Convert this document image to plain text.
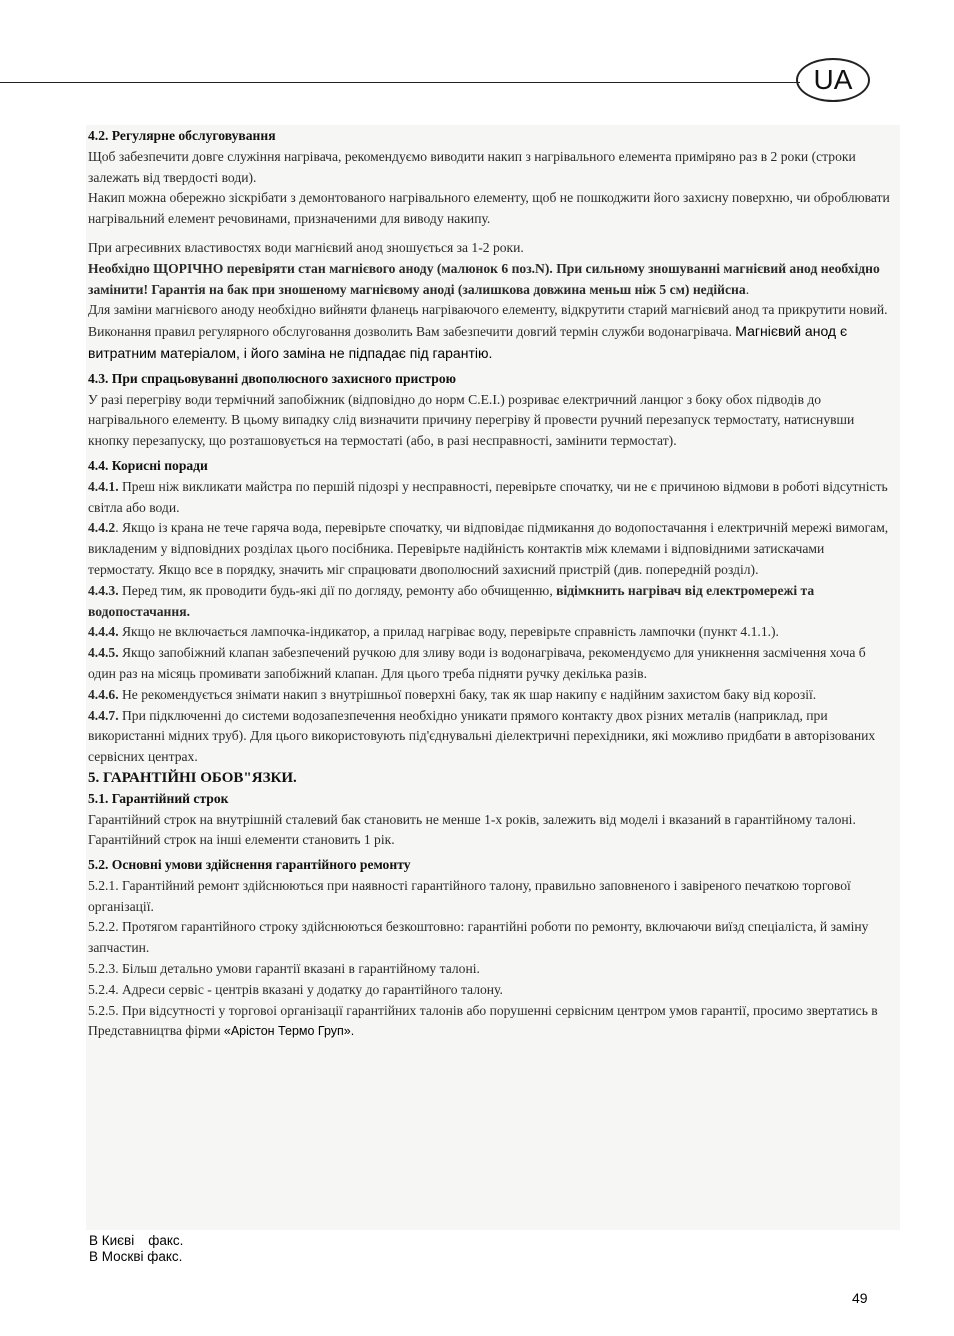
UA

4.2. Регулярне обслуговування

Щоб забезпечити довге служіння нагрівача, рекомендуємо виводити накип з нагрівального елемента приміряно раз в 2 роки (строки залежать від твердості води).

Накип можна обережно зіскрібати з демонтованого нагрівального елементу, щоб не пошкоджити його захисну поверхню, чи оброблювати нагрівальний елемент речовинами, призначеними для виводу накипу.

При агресивних властивостях води магнієвий анод зношується за 1-2 роки.

Необхідно ЩОРІЧНО перевіряти стан магнієвого аноду (малюнок 6 поз.N). При сильному зношуванні магнієвий анод необхідно замінити! Гарантія на бак при зношеному магнієвому аноді (залишкова довжина меньш ніж 5 см) недійсна.

Для заміни магнієвого аноду необхідно вийняти фланець нагріваючого елементу, відкрутити старий магнієвий анод та прикрутити новий.

Виконання правил регулярного обслуговання дозволить Вам забезпечити довгий термін служби водонагрівача. Магнієвий анод є витратним матеріалом, і його заміна не підпадає під гарантію.

4.3. При спрацьовуванні двополюсного захисного пристрою

У разі перегріву води термічний запобіжник (відповідно до норм С.Е.І.) розриває електричний ланцюг з боку обох підводів до нагрівального елементу. В цьому випадку слід визначити причину перегріву й провести ручний перезапуск термостату, натиснувши кнопку перезапуску, що розташовується на термостаті (або, в разі несправності, замінити термостат).

4.4. Корисні поради

4.4.1. Преш ніж викликати майстра по першій підозрі у несправності, перевірьте спочатку, чи не є причиною відмови в роботі відсутність світла або води.

4.4.2. Якщо із крана не тече гаряча вода, перевірьте спочатку, чи відповідає підмикання до водопостачання і електричній мережі вимогам, викладеним у відповідних розділах цього посібника. Перевірьте надійність контактів між клемами і відповідними затискачами термостату. Якщо все в порядку, значить міг спрацювати двополюсний захисний пристрій (див. попередній розділ).

4.4.3. Перед тим, як проводити будь-які дії по догляду, ремонту або обчищенню, відімкнить нагрівач від електромережі та водопостачання.

4.4.4. Якщо не включається лампочка-індикатор, а прилад нагріває воду, перевірьте справність лампочки (пункт 4.1.1.).

4.4.5. Якщо запобіжний клапан забезпечений ручкою для зливу води із водонагрівача, рекомендуємо для уникнення засмічення хоча б один раз на місяць промивати запобіжний клапан. Для цього треба підняти ручку декілька разів.

4.4.6. Не рекомендується знімати накип з внутрішньої поверхні баку, так як шар накипу є надійним захистом баку від корозії.

4.4.7. При підключенні до системи водозапезпечення необхідно уникати прямого контакту двох різних металів (наприклад, при використанні мідних труб). Для цього використовують під'єднувальні діелектричні перехідники, які можливо придбати в авторізованих сервісних центрах.

5. ГАРАНТІЙНІ ОБОВ"ЯЗКИ.

5.1. Гарантійний строк

Гарантійний строк на внутрішній сталевий бак становить не менше 1-х років, залежить від моделі і вказаний в гарантійному талоні. Гарантійний строк на інші елементи становить 1 рік.

5.2. Основні умови здійснення гарантійного ремонту

5.2.1. Гарантійний ремонт здійснюються при наявності гарантійного талону, правильно заповненого і завіреного печаткою торгової організації.

5.2.2. Протягом гарантійного строку здійснюються безкоштовно: гарантійні роботи по ремонту, включаючи виїзд спеціаліста, й заміну запчастин.

5.2.3. Більш детально умови гарантії вказані в гарантійному талоні.

5.2.4. Адреси сервіс - центрів вказані у додатку до гарантійного талону.

5.2.5. При відсутності у торговоі організації гарантійних талонів або порушенні сервісним центром умов гарантії, просимо звертатись в Представництва фірми «Арістон Термо Груп».

В Києві факс.
В Москві факс.
49
